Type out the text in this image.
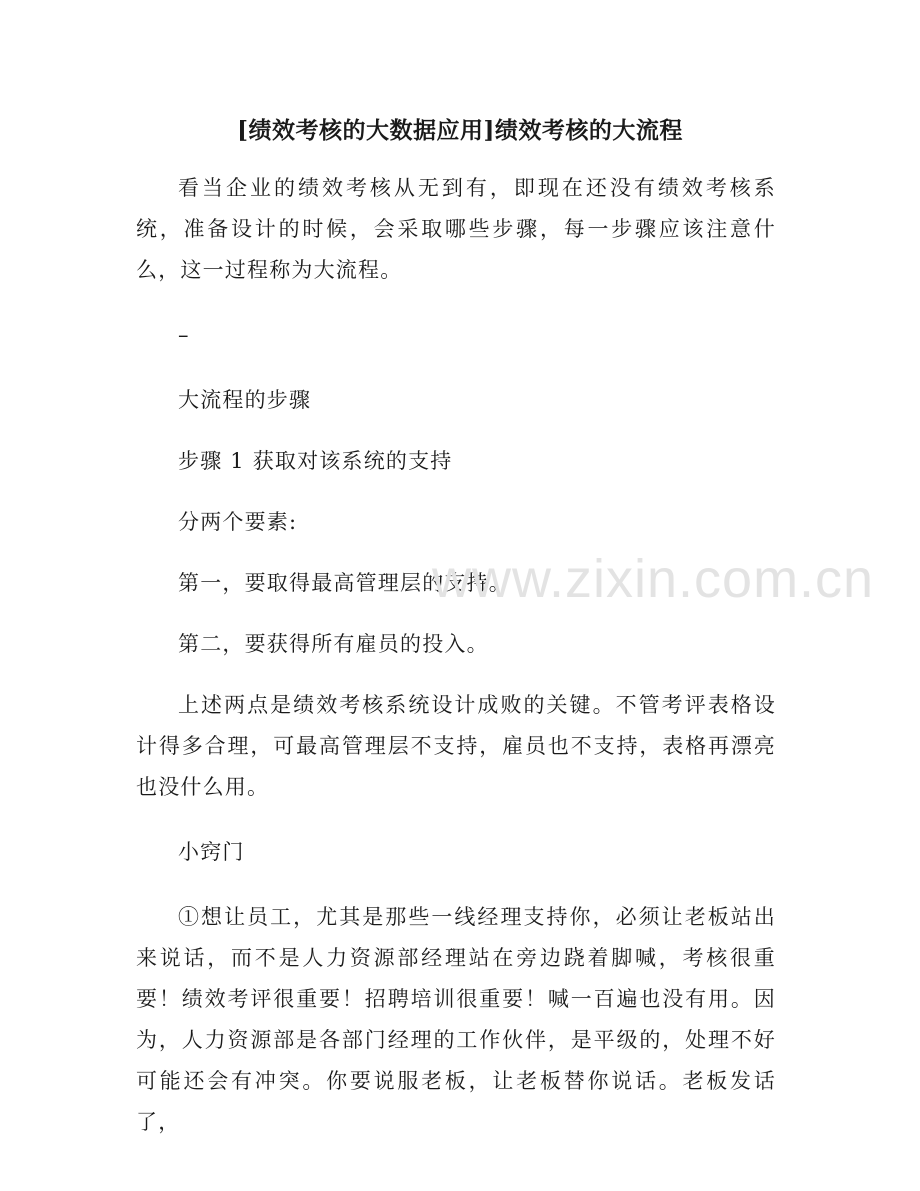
[绩效考核的大数据应用]绩效考核的大流程

看当企业的绩效考核从无到有，即现在还没有绩效考核系统，准备设计的时候，会采取哪些步骤，每一步骤应该注意什么，这一过程称为大流程。

–

大流程的步骤

步骤 1 获取对该系统的支持

分两个要素:

第一，要取得最高管理层的支持。

第二，要获得所有雇员的投入。

上述两点是绩效考核系统设计成败的关键。不管考评表格设计得多合理，可最高管理层不支持，雇员也不支持，表格再漂亮也没什么用。

小窍门

①想让员工，尤其是那些一线经理支持你，必须让老板站出来说话，而不是人力资源部经理站在旁边跷着脚喊，考核很重要！绩效考评很重要！招聘培训很重要！喊一百遍也没有用。因为，人力资源部是各部门经理的工作伙伴，是平级的，处理不好可能还会有冲突。你要说服老板，让老板替你说话。老板发话了，

www.zixin.com.cn
